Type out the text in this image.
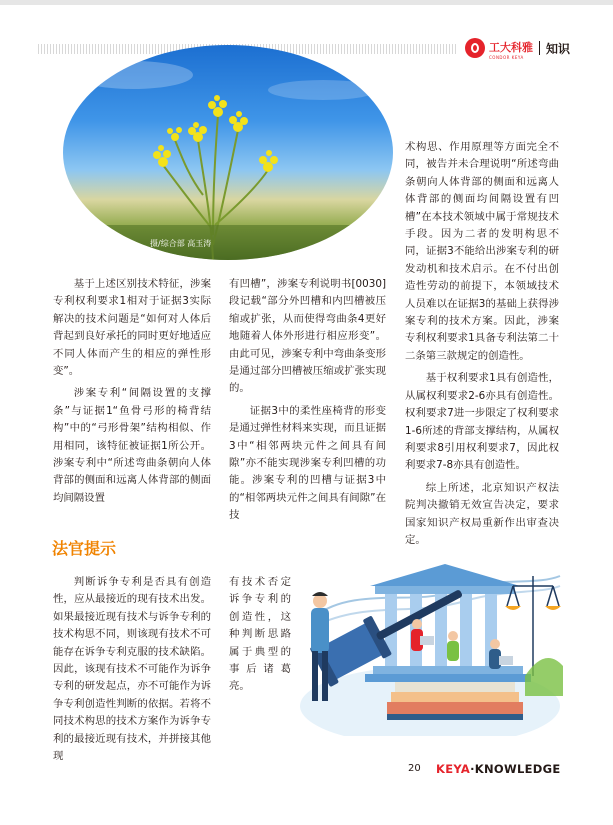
工大科雅
CONDOR KEYA
知识
摄/综合部 高玉涛

基于上述区别技术特征，涉案专利权利要求1相对于证据3实际解决的技术问题是“如何对人体后背起到良好承托的同时更好地适应不同人体而产生的相应的弹性形变”。

涉案专利“间隔设置的支撑条”与证据1“鱼骨弓形的椅背结构”中的“弓形骨架”结构相似、作用相同，该特征被证据1所公开。涉案专利中“所述弯曲条朝向人体背部的侧面和远离人体背部的侧面均间隔设置

有凹槽”，涉案专利说明书[0030]段记载“部分外凹槽和内凹槽被压缩或扩张，从而使得弯曲条4更好地随着人体外形进行相应形变”。由此可见，涉案专利中弯曲条变形是通过部分凹槽被压缩或扩张实现的。

证据3中的柔性座椅背的形变是通过弹性材料来实现，而且证据3中“相邻两块元件之间具有间隙”亦不能实现涉案专利凹槽的功能。涉案专利的凹槽与证据3中的“相邻两块元件之间具有间隙”在技

术构思、作用原理等方面完全不同，被告并未合理说明“所述弯曲条朝向人体背部的侧面和远离人体背部的侧面均间隔设置有凹槽”在本技术领域中属于常规技术手段。因为二者的发明构思不同，证据3不能给出涉案专利的研发动机和技术启示。在不付出创造性劳动的前提下，本领域技术人员难以在证据3的基础上获得涉案专利的技术方案。因此，涉案专利权利要求1具备专利法第二十二条第三款规定的创造性。

基于权利要求1具有创造性，从属权利要求2-6亦具有创造性。权利要求7进一步限定了权利要求1-6所述的背部支撑结构，从属权利要求8引用权利要求7，因此权利要求7-8亦具有创造性。

综上所述，北京知识产权法院判决撤销无效宣告决定，要求国家知识产权局重新作出审查决定。

法官提示

判断诉争专利是否具有创造性，应从最接近的现有技术出发。如果最接近现有技术与诉争专利的技术构思不同，则该现有技术不可能存在诉争专利克服的技术缺陷。因此，该现有技术不可能作为诉争专利的研发起点，亦不可能作为诉争专利创造性判断的依据。若将不同技术构思的技术方案作为诉争专利的最接近现有技术，并拼接其他现

有技术否定诉争专利的创造性，这种判断思路属于典型的事后诸葛亮。

20 KEYA·KNOWLEDGE
